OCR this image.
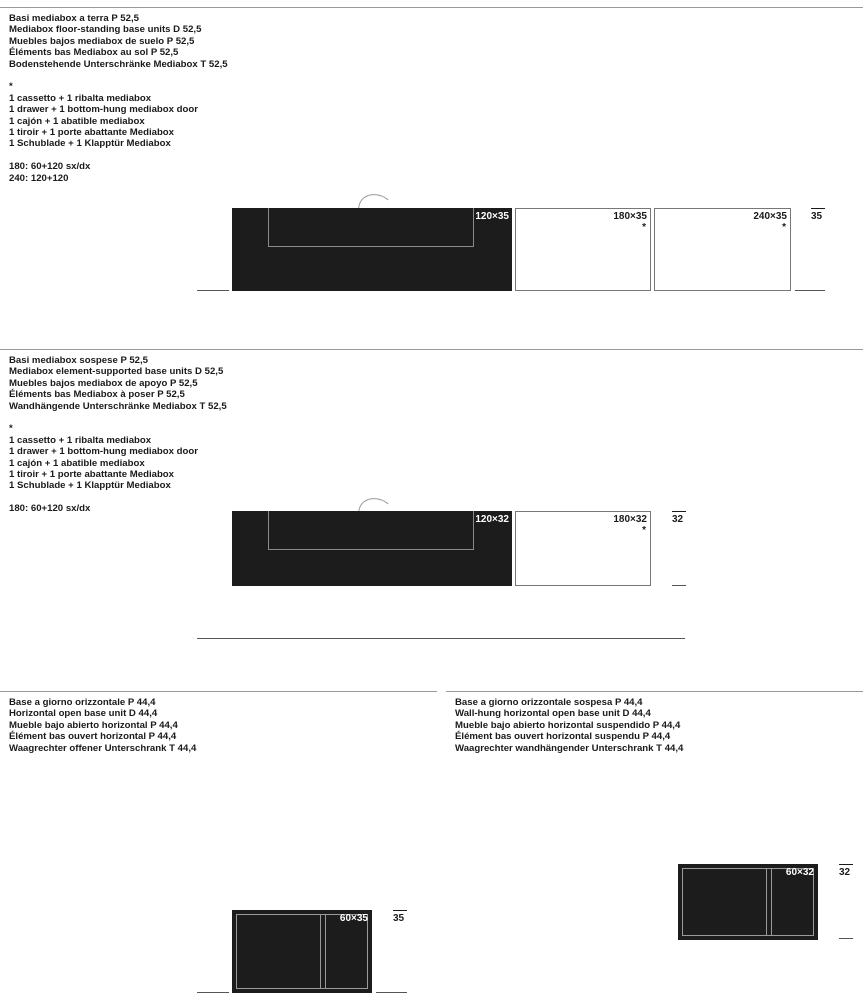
Basi mediabox a terra P 52,5
Mediabox floor-standing base units D 52,5
Muebles bajos mediabox de suelo P 52,5
Éléments bas Mediabox au sol P 52,5
Bodenstehende Unterschränke Mediabox T 52,5
*
1 cassetto + 1 ribalta mediabox
1 drawer + 1 bottom-hung mediabox door
1 cajón + 1 abatible mediabox
1 tiroir + 1 porte abattante Mediabox
1 Schublade + 1 Klapptür Mediabox
180: 60+120 sx/dx
240: 120+120
120×35	180×35
*
240×35
*
35
Basi mediabox sospese P 52,5
Mediabox element-supported base units D 52,5
Muebles bajos mediabox de apoyo P 52,5
Éléments bas Mediabox à poser P 52,5
Wandhängende Unterschränke Mediabox T 52,5
*
1 cassetto + 1 ribalta mediabox
1 drawer + 1 bottom-hung mediabox door
1 cajón + 1 abatible mediabox
1 tiroir + 1 porte abattante Mediabox
1 Schublade + 1 Klapptür Mediabox
180: 60+120 sx/dx
120×32	180×32
*
32
Base a giorno orizzontale P 44,4
Horizontal open base unit D 44,4
Mueble bajo abierto horizontal P 44,4
Élément bas ouvert horizontal P 44,4
Waagrechter offener Unterschrank T 44,4
60×35	35
Base a giorno orizzontale sospesa P 44,4
Wall-hung horizontal open base unit D 44,4
Mueble bajo abierto horizontal suspendido P 44,4
Élément bas ouvert horizontal suspendu P 44,4
Waagrechter wandhängender Unterschrank T 44,4
60×32	32
